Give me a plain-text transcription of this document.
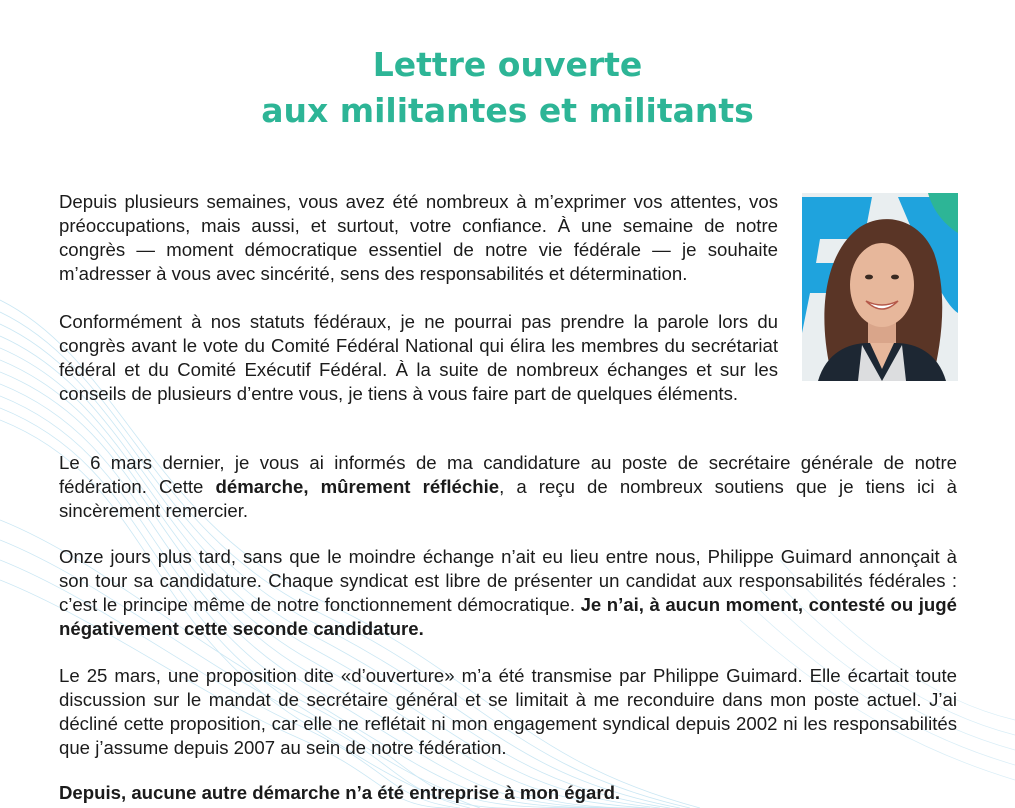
Lettre ouverte
aux militantes et militants

Depuis plusieurs semaines, vous avez été nombreux à m’exprimer vos attentes, vos préoccupations, mais aussi, et surtout, votre confiance. À une semaine de notre congrès — moment démocratique essentiel de notre vie fédérale — je souhaite m’adresser à vous avec sincérité, sens des responsabilités et détermination.

Conformément à nos statuts fédéraux, je ne pourrai pas prendre la parole lors du congrès avant le vote du Comité Fédéral National qui élira les membres du secrétariat fédéral et du Comité Exécutif Fédéral. À la suite de nombreux échanges et sur les conseils de plusieurs d’entre vous, je tiens à vous faire part de quelques éléments.

Le 6 mars dernier, je vous ai informés de ma candidature au poste de secrétaire générale de notre fédération. Cette démarche, mûrement réfléchie, a reçu de nombreux soutiens que je tiens ici à sincèrement remercier.

Onze jours plus tard, sans que le moindre échange n’ait eu lieu entre nous, Philippe Guimard annonçait à son tour sa candidature. Chaque syndicat est libre de présenter un candidat aux responsabilités fédérales : c’est le principe même de notre fonctionnement démocratique. Je n’ai, à aucun moment, contesté ou jugé négativement cette seconde candidature.

Le 25 mars, une proposition dite «d’ouverture» m’a été transmise par Philippe Guimard. Elle écartait toute discussion sur le mandat de secrétaire général et se limitait à me reconduire dans mon poste actuel. J’ai décliné cette proposition, car elle ne reflétait ni mon engagement syndical depuis 2002 ni les responsabilités que j’assume depuis 2007 au sein de notre fédération.

Depuis, aucune autre démarche n’a été entreprise à mon égard.
